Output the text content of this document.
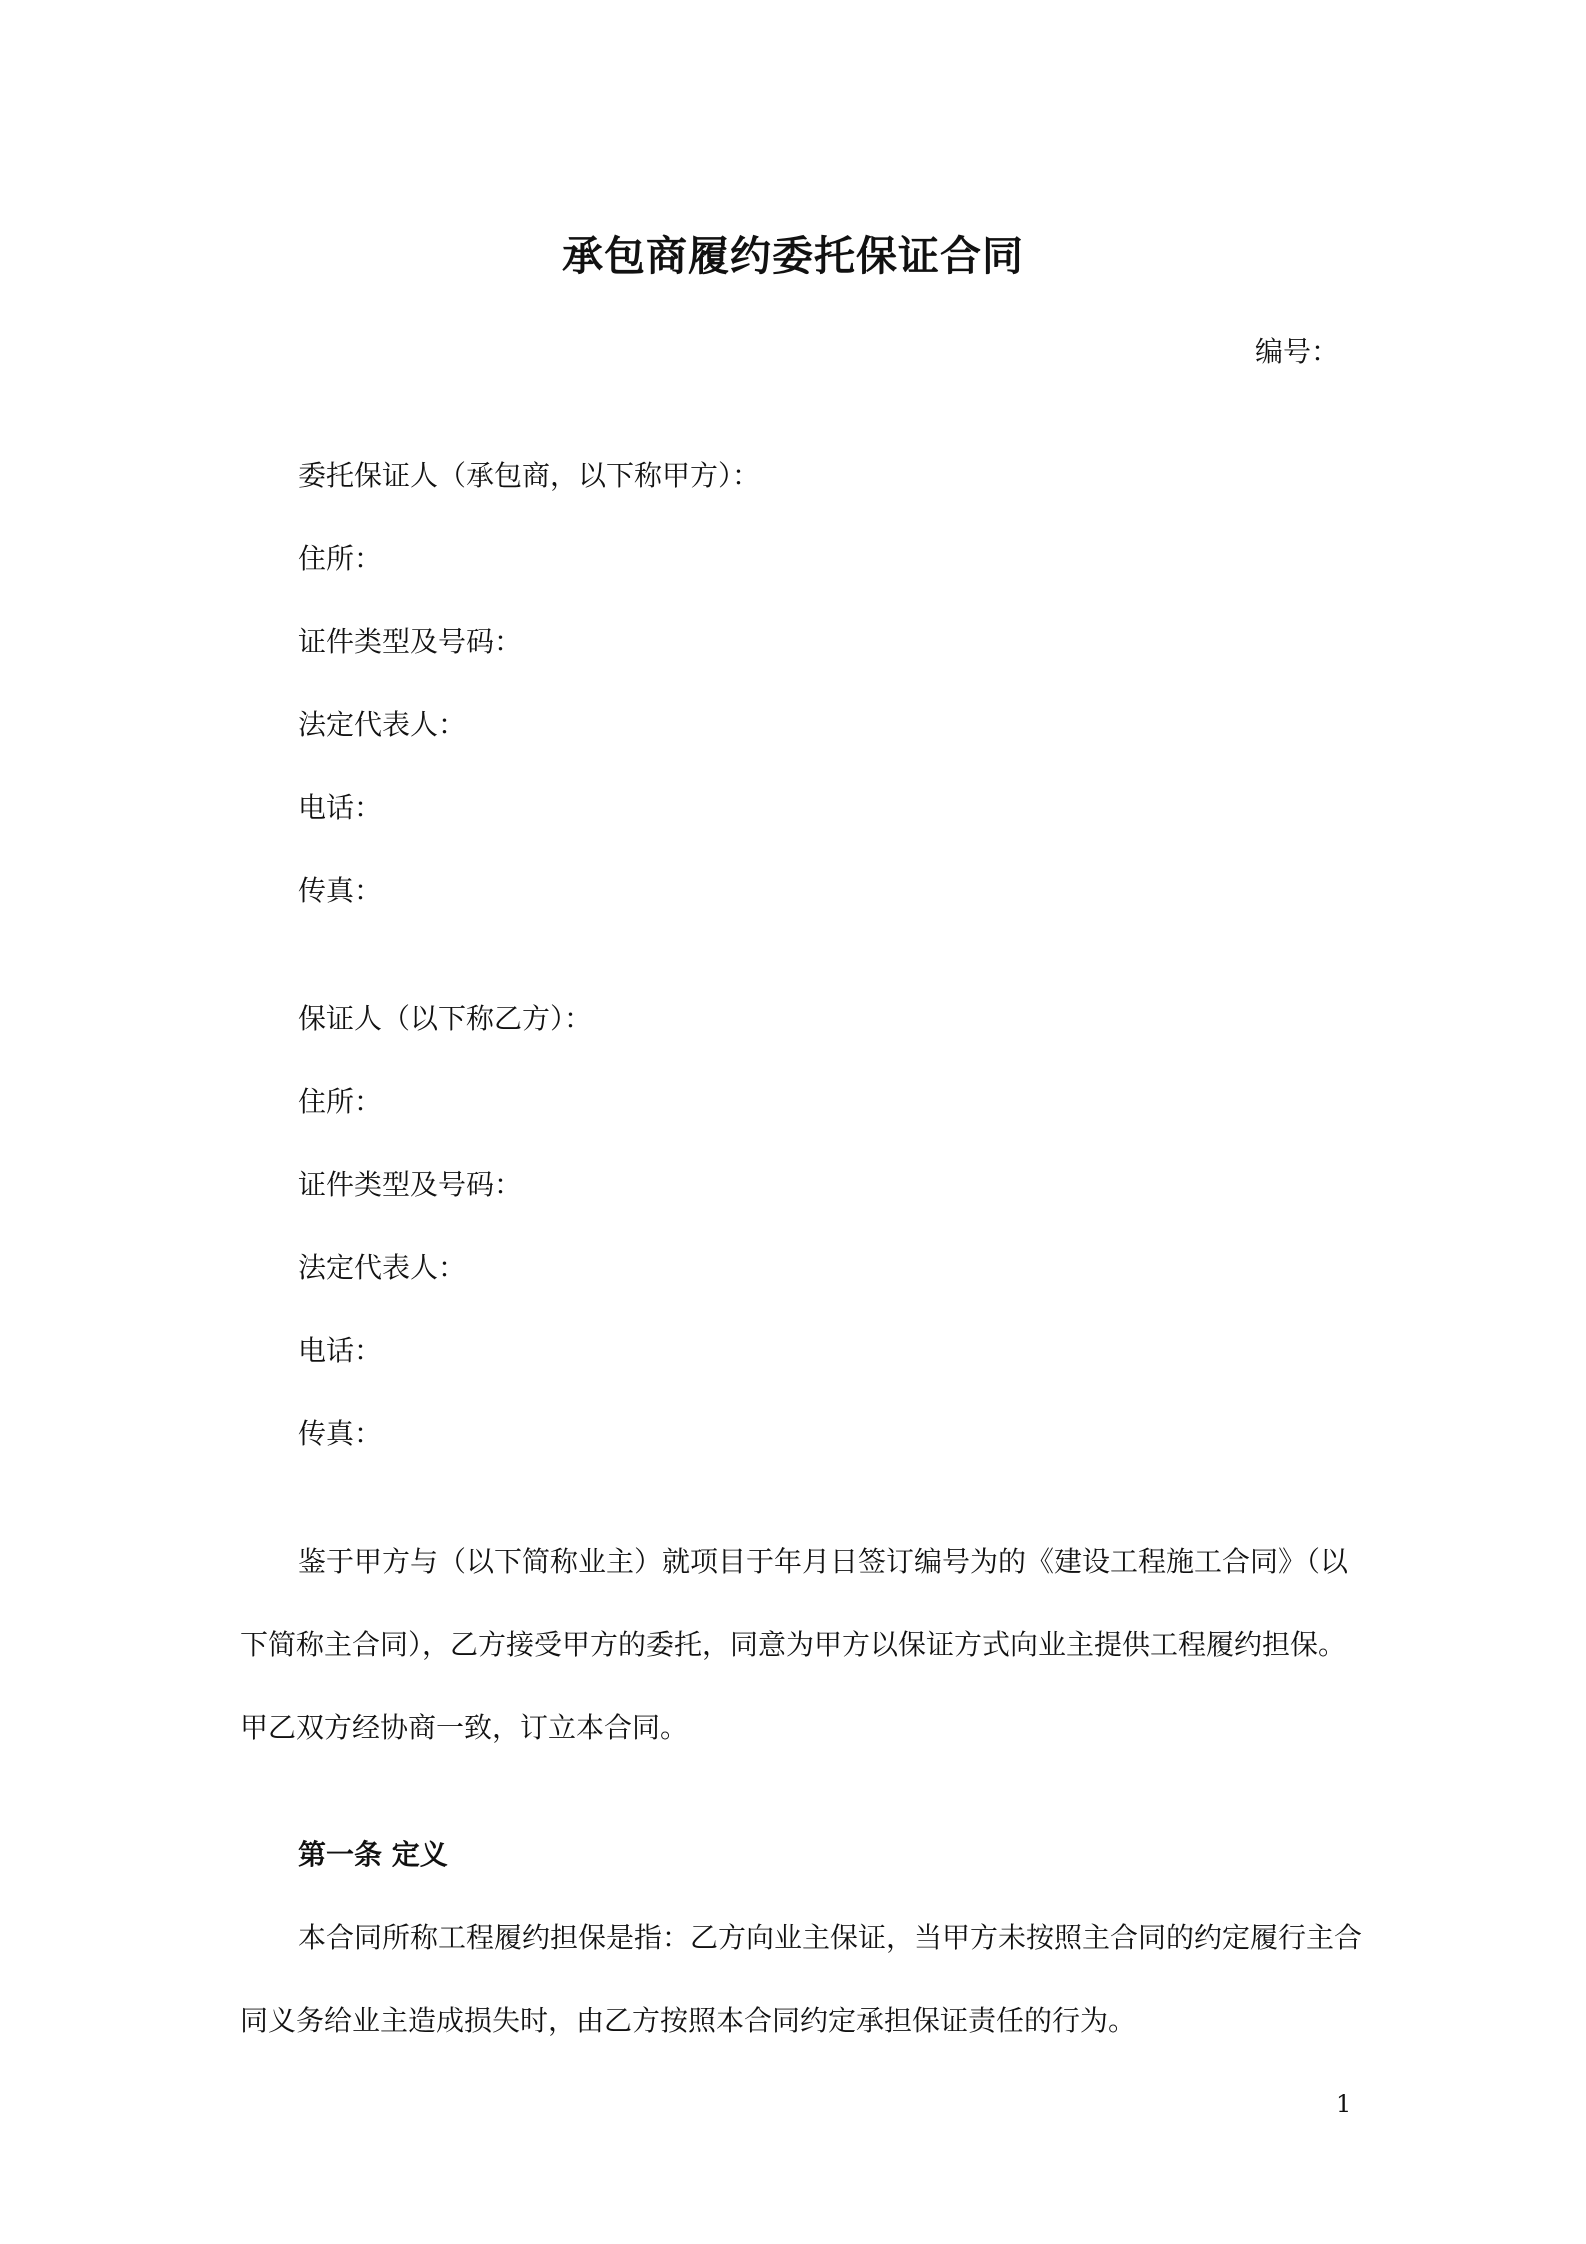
承包商履约委托保证合同
编号：
委托保证人（承包商，以下称甲方）：
住所：
证件类型及号码：
法定代表人：
电话：
传真：
保证人（以下称乙方）：
住所：
证件类型及号码：
法定代表人：
电话：
传真：
鉴于甲方与（以下简称业主）就项目于年月日签订编号为的《建设工程施工合同》（以
下简称主合同），乙方接受甲方的委托，同意为甲方以保证方式向业主提供工程履约担保。
甲乙双方经协商一致，订立本合同。
第一条 定义
本合同所称工程履约担保是指：乙方向业主保证，当甲方未按照主合同的约定履行主合
同义务给业主造成损失时，由乙方按照本合同约定承担保证责任的行为。
1
